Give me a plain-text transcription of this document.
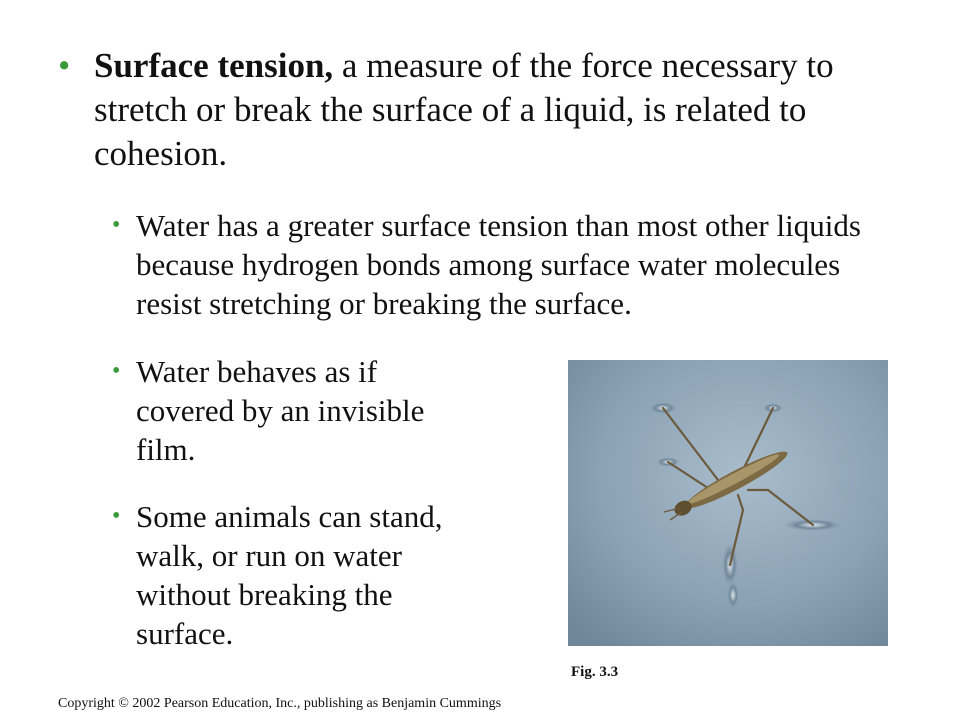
• Surface tension, a measure of the force necessary to stretch or break the surface of a liquid, is related to cohesion.
• Water has a greater surface tension than most other liquids because hydrogen bonds among surface water molecules resist stretching or breaking the surface.
• Water behaves as if covered by an invisible film.
• Some animals can stand, walk, or run on water without breaking the surface.
Fig. 3.3
Copyright © 2002 Pearson Education, Inc., publishing as Benjamin Cummings
